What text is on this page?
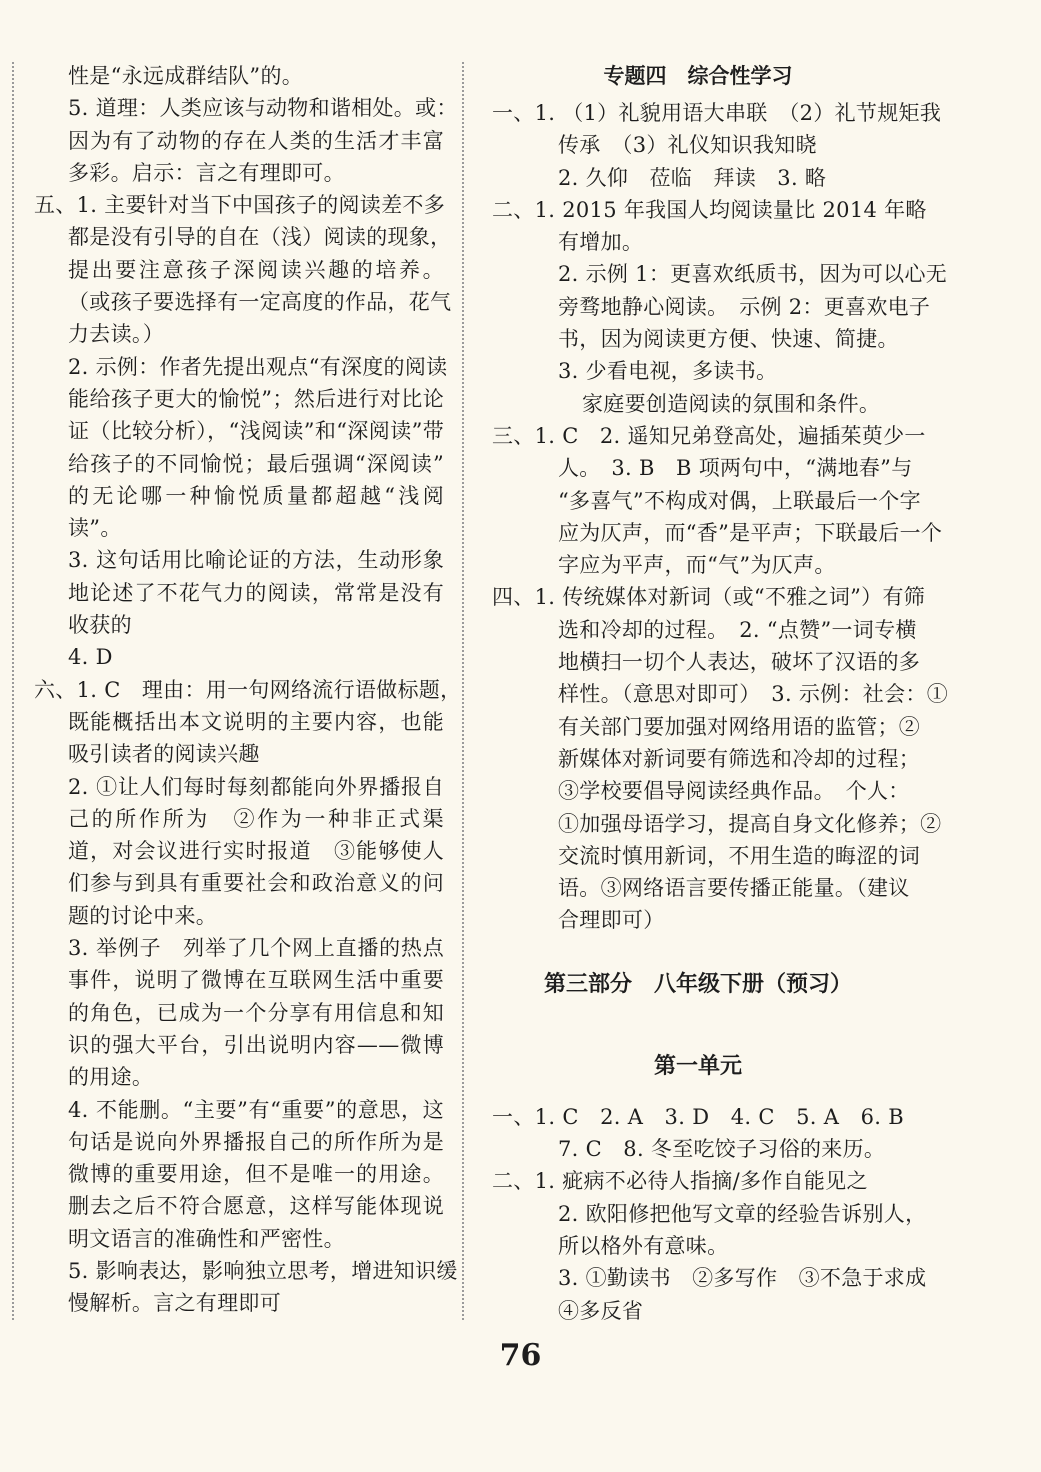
性是“永远成群结队”的。
5. 道理：人类应该与动物和谐相处。或：
因为有了动物的存在人类的生活才丰富
多彩。启示：言之有理即可。
五、1. 主要针对当下中国孩子的阅读差不多
都是没有引导的自在（浅）阅读的现象，
提出要注意孩子深阅读兴趣的培养。
（或孩子要选择有一定高度的作品，花气
力去读。）
2. 示例：作者先提出观点“有深度的阅读
能给孩子更大的愉悦”；然后进行对比论
证（比较分析），“浅阅读”和“深阅读”带
给孩子的不同愉悦；最后强调“深阅读”
的无论哪一种愉悦质量都超越“浅阅
读”。
3. 这句话用比喻论证的方法，生动形象
地论述了不花气力的阅读，常常是没有
收获的
4. D
六、1. C　理由：用一句网络流行语做标题，
既能概括出本文说明的主要内容，也能
吸引读者的阅读兴趣
2. ①让人们每时每刻都能向外界播报自
己的所作所为　②作为一种非正式渠
道，对会议进行实时报道　③能够使人
们参与到具有重要社会和政治意义的问
题的讨论中来。
3. 举例子　列举了几个网上直播的热点
事件，说明了微博在互联网生活中重要
的角色，已成为一个分享有用信息和知
识的强大平台，引出说明内容——微博
的用途。
4. 不能删。“主要”有“重要”的意思，这
句话是说向外界播报自己的所作所为是
微博的重要用途，但不是唯一的用途。
删去之后不符合愿意，这样写能体现说
明文语言的准确性和严密性。
5. 影响表达，影响独立思考，增进知识缓
慢解析。言之有理即可
专题四　综合性学习
一、1. （1）礼貌用语大串联　（2）礼节规矩我
传承　（3）礼仪知识我知晓
2. 久仰　莅临　拜读　3. 略
二、1. 2015 年我国人均阅读量比 2014 年略
有增加。
2. 示例 1：更喜欢纸质书，因为可以心无
旁骛地静心阅读。　示例 2：更喜欢电子
书，因为阅读更方便、快速、简捷。
3. 少看电视，多读书。
家庭要创造阅读的氛围和条件。
三、1. C　2. 遥知兄弟登高处，遍插茱萸少一
人。　3. B　B 项两句中，“满地春”与
“多喜气”不构成对偶，上联最后一个字
应为仄声，而“香”是平声；下联最后一个
字应为平声，而“气”为仄声。
四、1. 传统媒体对新词（或“不雅之词”）有筛
选和冷却的过程。　2. “点赞”一词专横
地横扫一切个人表达，破坏了汉语的多
样性。（意思对即可）　3. 示例：社会：①
有关部门要加强对网络用语的监管；②
新媒体对新词要有筛选和冷却的过程；
③学校要倡导阅读经典作品。　个人：
①加强母语学习，提高自身文化修养；②
交流时慎用新词，不用生造的晦涩的词
语。③网络语言要传播正能量。（建议
合理即可）
第三部分　八年级下册（预习）
第一单元
一、1. C　2. A　3. D　4. C　5. A　6. B
7. C　8. 冬至吃饺子习俗的来历。
二、1. 疵病不必待人指摘/多作自能见之
2. 欧阳修把他写文章的经验告诉别人，
所以格外有意味。
3. ①勤读书　②多写作　③不急于求成
④多反省
76
